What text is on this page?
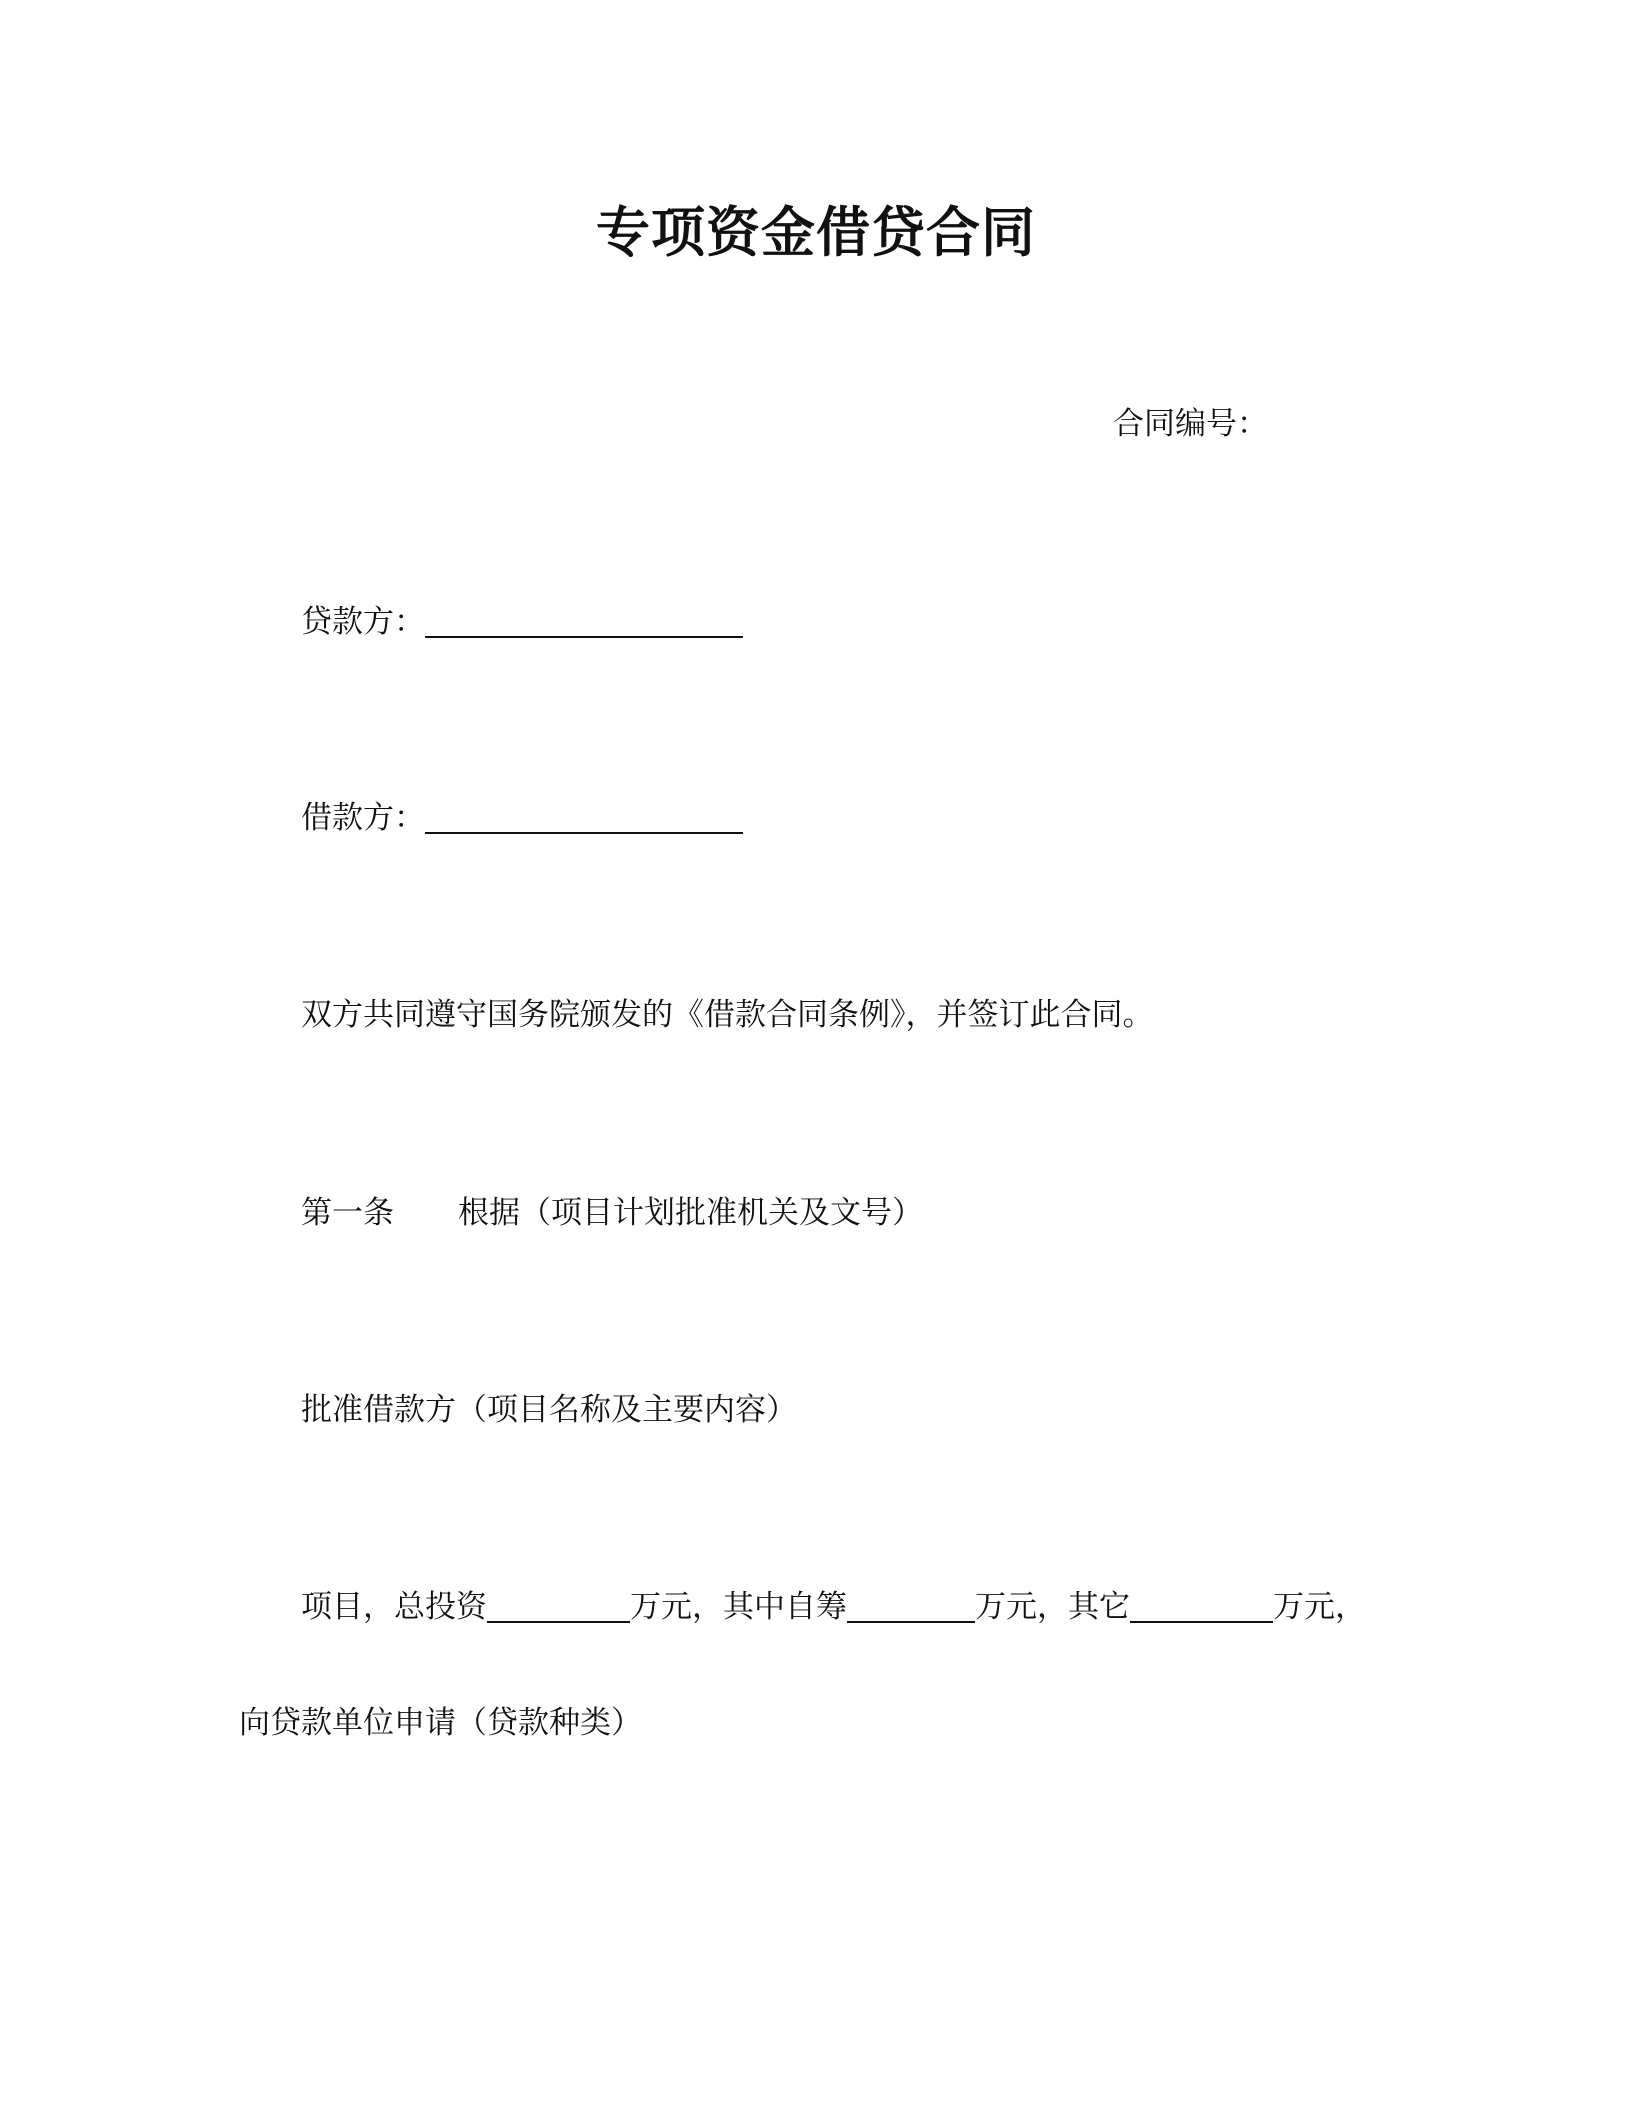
专项资金借贷合同
合同编号：
贷款方：
借款方：
双方共同遵守国务院颁发的《借款合同条例》，并签订此合同。
第一条 根据（项目计划批准机关及文号）
批准借款方（项目名称及主要内容）
项目，总投资	万元，其中自筹	万元，其它	万元，
向贷款单位申请（贷款种类）
